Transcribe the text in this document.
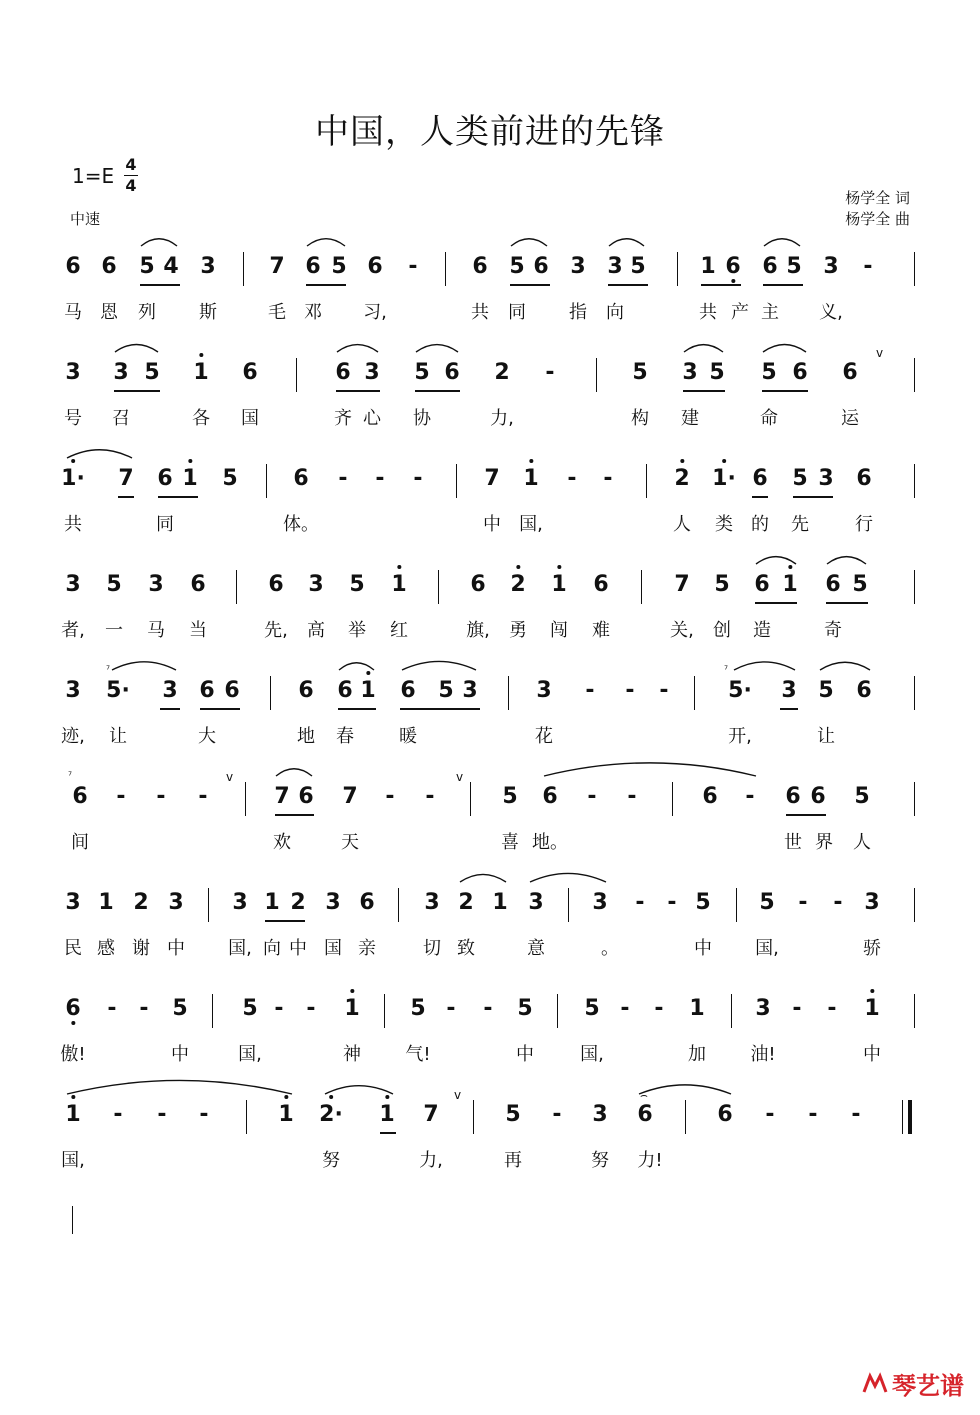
中国，人类前进的先锋
1=E 4
4
中速
杨学全 词
杨学全 曲
6 6 5 4 3 7 6 5 6 - 6 5 6 3 3 5 1 6 6 5 3 -
马 恩 列 斯	毛 邓 习,	共 同 指 向	共 产 主 义,
3 3 5 1 6	6 3 5 6 2 -	5 3 5 5 6 6
v
号 召	各 国	齐 心 协	力,	构 建	命	运
1· 7 6 1 5	6 - - -	7 1 - -	2 1· 6 5 3 6
共	同	体。	中 国,	人 类 的 先	行
3 5 3 6	6 3 5 1	6 2 1 6	7 5 6 1 6 5
者, 一 马 当	先, 高 举 红	旗, 勇 闯 难	关, 创 造	奇
3 5· 3 6 6	6 6 1 6 5 3	3 - - -	5· 3 5 6
⁷	⁷
迹, 让	大	地 春	暖	花	开,	让
6 - - -	7 6 7 - -	5 6 - -	6 - 6 6 5
v	v
⁷
间	欢	天	喜 地。	世 界 人
3 1 2 3 3 1 2 3 6 3 2 1 3 3 - - 5 5 - - 3
民 感 谢 中 国, 向 中 国 亲	切 致	意	。	中 国,	骄
6 - - 5 5 - - 1 5 - - 5 5 - - 1 3 - - 1
傲!	中	国,	神 气!	中	国,	加 油!	中
1 - - -	1 2· 1 7	5 - 3 6	6 - - -
v	⌢
国,	努	力,	再	努 力!
琴艺谱
